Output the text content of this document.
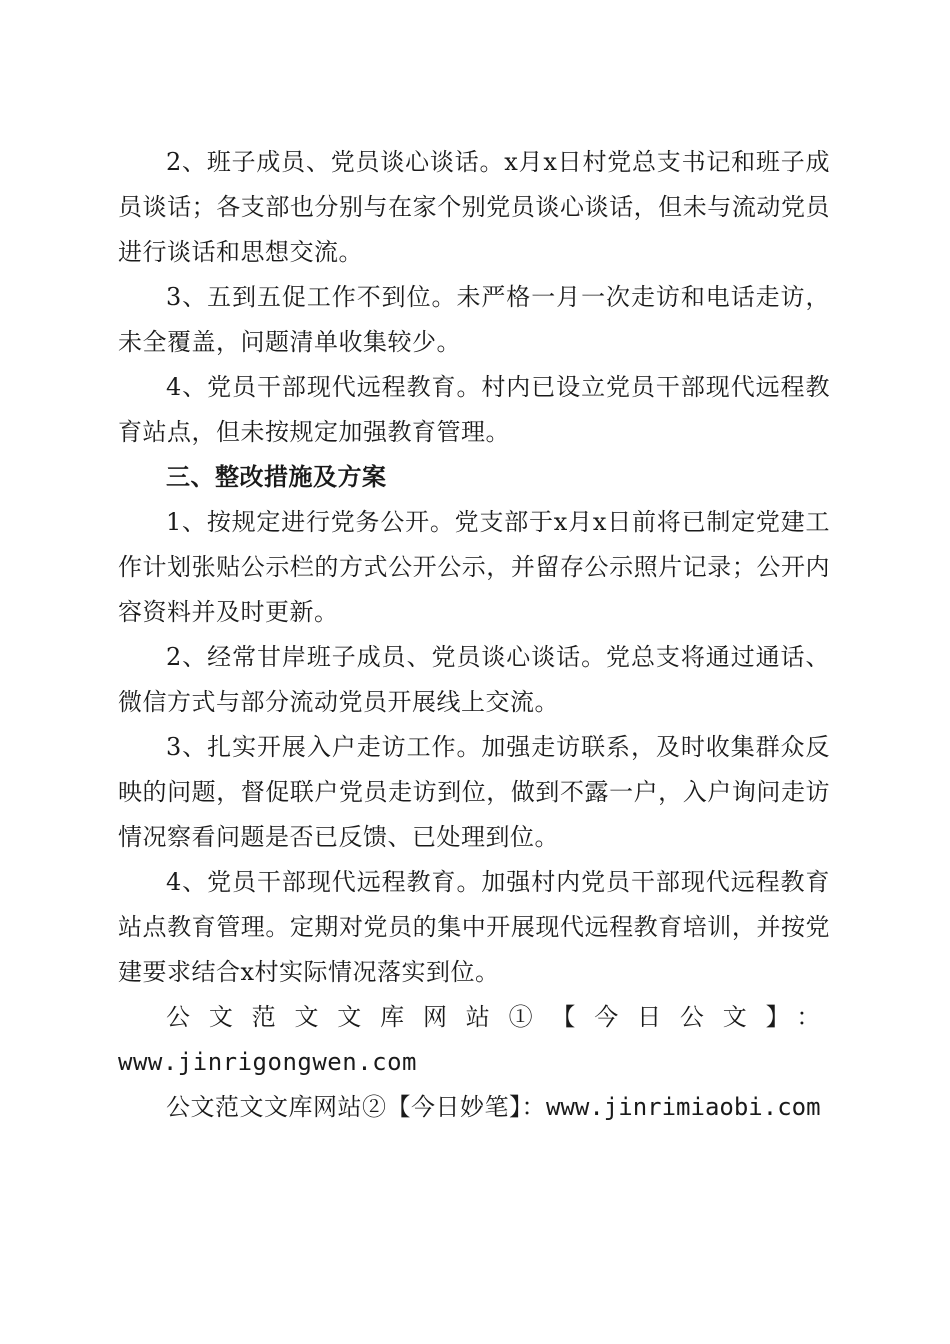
2、班子成员、党员谈心谈话。x月x日村党总支书记和班子成员谈话；各支部也分别与在家个别党员谈心谈话，但未与流动党员进行谈话和思想交流。

3、五到五促工作不到位。未严格一月一次走访和电话走访，未全覆盖，问题清单收集较少。

4、党员干部现代远程教育。村内已设立党员干部现代远程教育站点，但未按规定加强教育管理。

三、整改措施及方案

1、按规定进行党务公开。党支部于x月x日前将已制定党建工作计划张贴公示栏的方式公开公示，并留存公示照片记录；公开内容资料并及时更新。

2、经常甘岸班子成员、党员谈心谈话。党总支将通过通话、微信方式与部分流动党员开展线上交流。

3、扎实开展入户走访工作。加强走访联系，及时收集群众反映的问题，督促联户党员走访到位，做到不露一户，入户询问走访情况察看问题是否已反馈、已处理到位。

4、党员干部现代远程教育。加强村内党员干部现代远程教育站点教育管理。定期对党员的集中开展现代远程教育培训，并按党建要求结合x村实际情况落实到位。

公文范文文库网站①【今日公文】：

www.jinrigongwen.com

公文范文文库网站②【今日妙笔】：www.jinrimiaobi.com
